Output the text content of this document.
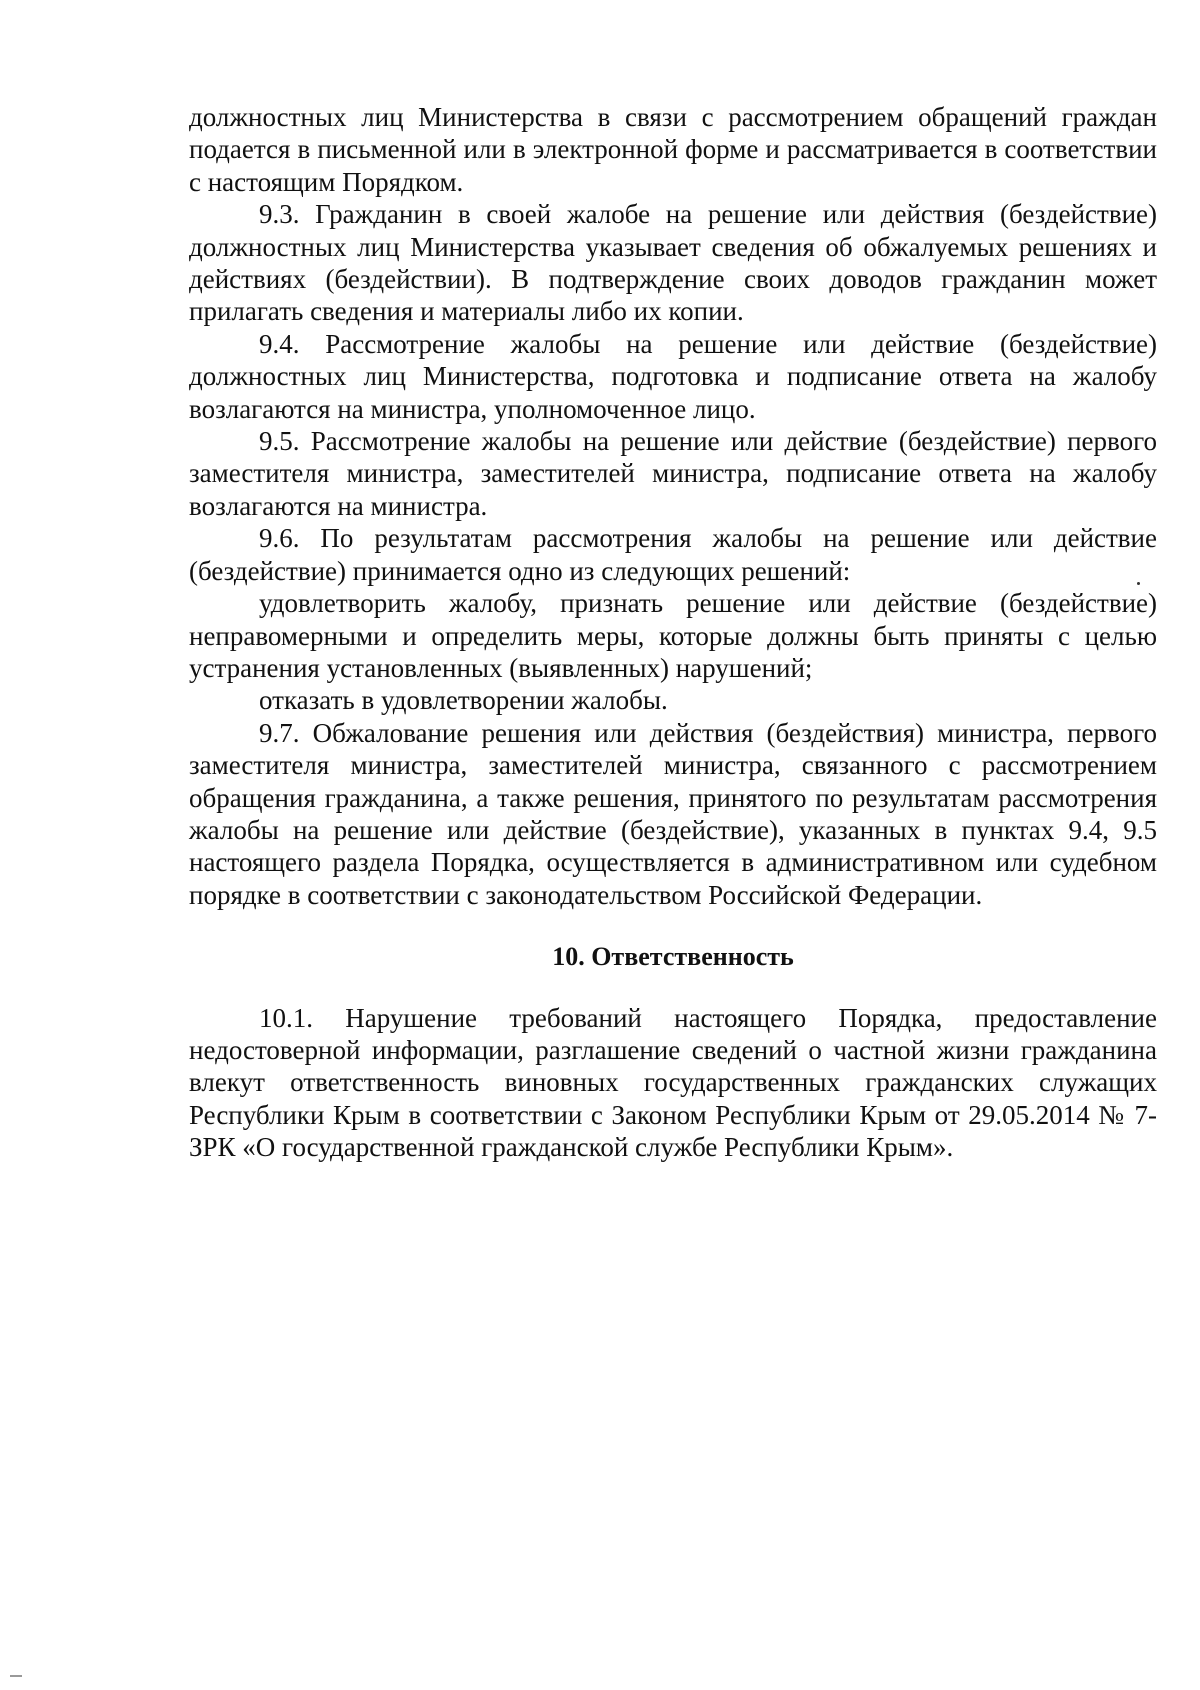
должностных лиц Министерства в связи с рассмотрением обращений граждан подается в письменной или в электронной форме и рассматривается в соответствии с настоящим Порядком.

9.3. Гражданин в своей жалобе на решение или действия (бездействие) должностных лиц Министерства указывает сведения об обжалуемых решениях и действиях (бездействии). В подтверждение своих доводов гражданин может прилагать сведения и материалы либо их копии.

9.4. Рассмотрение жалобы на решение или действие (бездействие) должностных лиц Министерства, подготовка и подписание ответа на жалобу возлагаются на министра, уполномоченное лицо.

9.5. Рассмотрение жалобы на решение или действие (бездействие) первого заместителя министра, заместителей министра, подписание ответа на жалобу возлагаются на министра.

9.6. По результатам рассмотрения жалобы на решение или действие (бездействие) принимается одно из следующих решений:

удовлетворить жалобу, признать решение или действие (бездействие) неправомерными и определить меры, которые должны быть приняты с целью устранения установленных (выявленных) нарушений;

отказать в удовлетворении жалобы.

9.7. Обжалование решения или действия (бездействия) министра, первого заместителя министра, заместителей министра, связанного с рассмотрением обращения гражданина, а также решения, принятого по результатам рассмотрения жалобы на решение или действие (бездействие), указанных в пунктах 9.4, 9.5 настоящего раздела Порядка, осуществляется в административном или судебном порядке в соответствии с законодательством Российской Федерации.

10. Ответственность

10.1. Нарушение требований настоящего Порядка, предоставление недостоверной информации, разглашение сведений о частной жизни гражданина влекут ответственность виновных государственных гражданских служащих Республики Крым в соответствии с Законом Республики Крым от 29.05.2014 № 7-ЗРК «О государственной гражданской службе Республики Крым».
